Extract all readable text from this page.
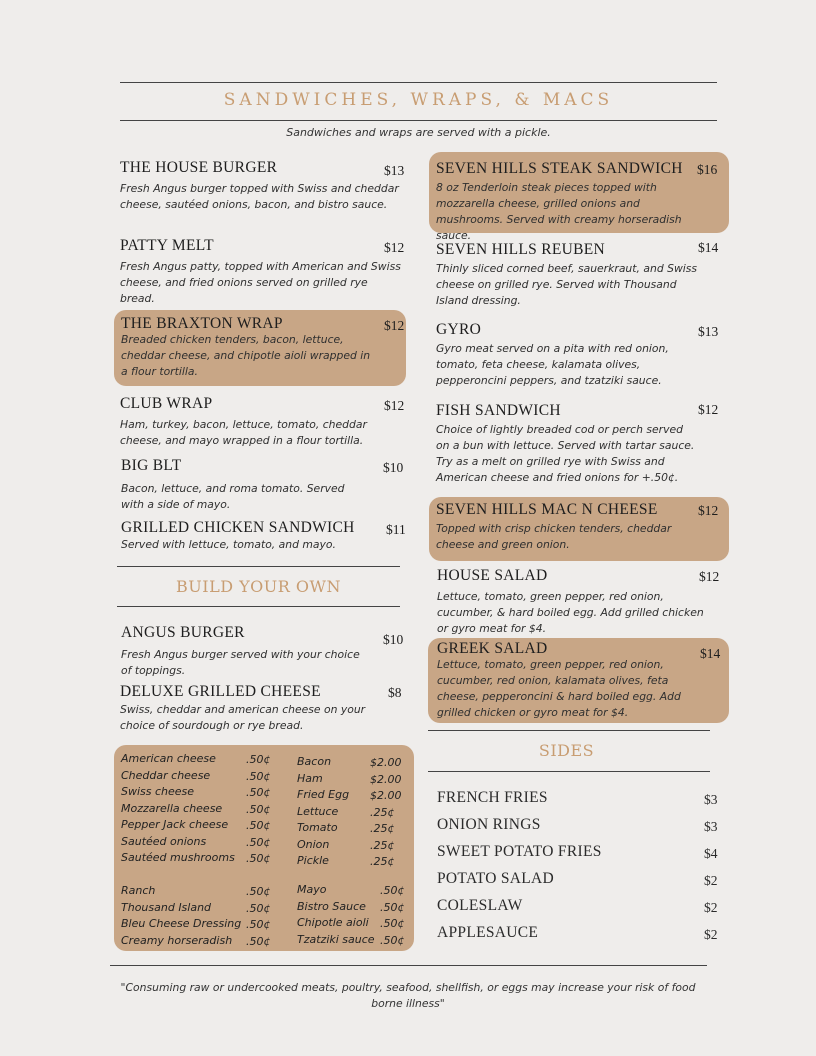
SANDWICHES, WRAPS, & MACS
Sandwiches and wraps are served with a pickle.
THE HOUSE BURGER
Fresh Angus burger topped with Swiss and cheddar cheese, sautéed onions, bacon, and bistro sauce.
$13
PATTY MELT
Fresh Angus patty, topped with American and Swiss cheese, and fried onions served on grilled rye bread.
$12
THE BRAXTON WRAP
Breaded chicken tenders, bacon, lettuce, cheddar cheese, and chipotle aioli wrapped in a flour tortilla.
$12
CLUB WRAP
Ham, turkey, bacon, lettuce, tomato, cheddar cheese, and mayo wrapped in a flour tortilla.
$12
BIG BLT
Bacon, lettuce, and roma tomato. Served with a side of mayo.
$10
GRILLED CHICKEN SANDWICH
Served with lettuce, tomato, and mayo.
$11
BUILD YOUR OWN
ANGUS BURGER
Fresh Angus burger served with your choice of toppings.
$10
DELUXE GRILLED CHEESE
Swiss, cheddar and american cheese on your choice of sourdough or rye bread.
$8
American cheese	.50¢
Cheddar cheese	.50¢
Swiss cheese	.50¢
Mozzarella cheese .50¢
Pepper Jack cheese .50¢
Sautéed onions	.50¢
Sautéed mushrooms .50¢
Ranch	.50¢
Thousand Island	.50¢
Bleu Cheese Dressing .50¢
Creamy horseradish .50¢
Bacon	$2.00
Ham	$2.00
Fried Egg $2.00
Lettuce	.25¢
Tomato	.25¢
Onion	.25¢
Pickle	.25¢
Mayo	.50¢
Bistro Sauce .50¢
Chipotle aioli .50¢
Tzatziki sauce .50¢
SEVEN HILLS STEAK SANDWICH
8 oz Tenderloin steak pieces topped with mozzarella cheese, grilled onions and mushrooms. Served with creamy horseradish sauce.
$16
SEVEN HILLS REUBEN
Thinly sliced corned beef, sauerkraut, and Swiss cheese on grilled rye. Served with Thousand Island dressing.
$14
GYRO
Gyro meat served on a pita with red onion, tomato, feta cheese, kalamata olives, pepperoncini peppers, and tzatziki sauce.
$13
FISH SANDWICH
Choice of lightly breaded cod or perch served on a bun with lettuce. Served with tartar sauce. Try as a melt on grilled rye with Swiss and American cheese and fried onions for +.50¢.
$12
SEVEN HILLS MAC N CHEESE
Topped with crisp chicken tenders, cheddar cheese and green onion.
$12
HOUSE SALAD
Lettuce, tomato, green pepper, red onion, cucumber, & hard boiled egg. Add grilled chicken or gyro meat for $4.
$12
GREEK SALAD
Lettuce, tomato, green pepper, red onion, cucumber, red onion, kalamata olives, feta cheese, pepperoncini & hard boiled egg. Add grilled chicken or gyro meat for $4.
$14
SIDES
FRENCH FRIES	$3
ONION RINGS	$3
SWEET POTATO FRIES	$4
POTATO SALAD	$2
COLESLAW	$2
APPLESAUCE	$2
"Consuming raw or undercooked meats, poultry, seafood, shellfish, or eggs may increase your risk of food borne illness"
